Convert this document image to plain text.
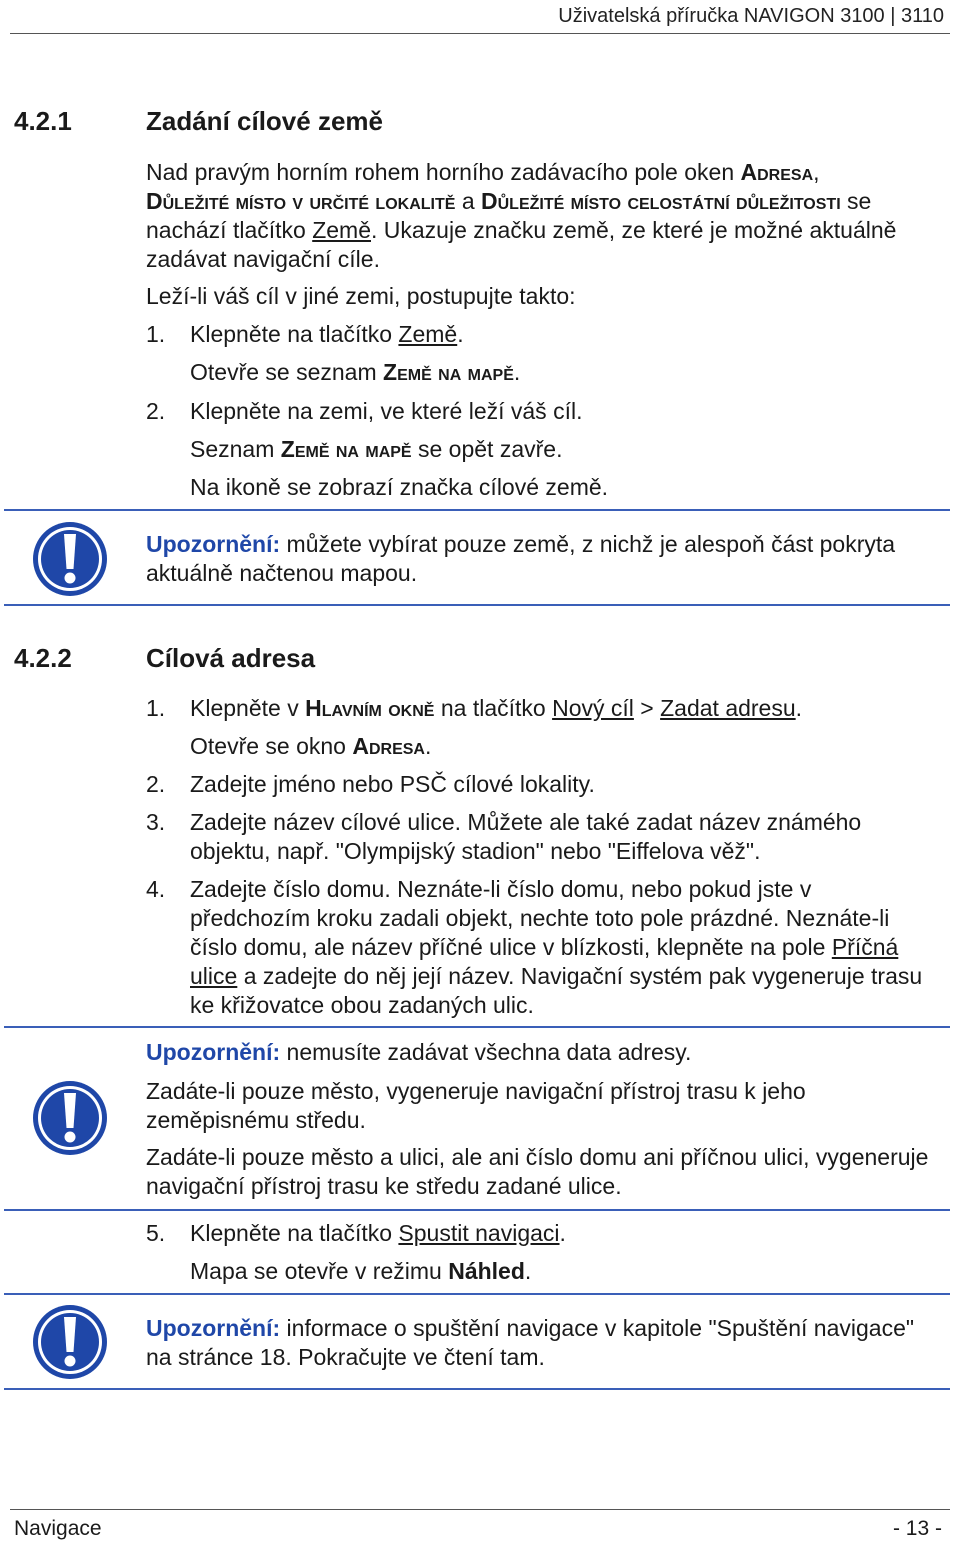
Uživatelská příručka NAVIGON 3100 | 3110
4.2.1	Zadání cílové země
Nad pravým horním rohem horního zadávacího pole oken Adresa,
Důležité místo v určité lokalitě a Důležité místo celostátní důležitosti se nachází tlačítko Země. Ukazuje značku země, ze které je možné aktuálně zadávat navigační cíle.
Leží-li váš cíl v jiné zemi, postupujte takto:
1. Klepněte na tlačítko Země.
Otevře se seznam Země na mapě.
2. Klepněte na zemi, ve které leží váš cíl.
Seznam Země na mapě se opět zavře.
Na ikoně se zobrazí značka cílové země.
Upozornění: můžete vybírat pouze země, z nichž je alespoň část pokryta aktuálně načtenou mapou.
4.2.2	Cílová adresa
1. Klepněte v Hlavním okně na tlačítko Nový cíl > Zadat adresu.
Otevře se okno Adresa.
2. Zadejte jméno nebo PSČ cílové lokality.
3. Zadejte název cílové ulice. Můžete ale také zadat název známého objektu, např. "Olympijský stadion" nebo "Eiffelova věž".
4. Zadejte číslo domu. Neznáte-li číslo domu, nebo pokud jste v předchozím kroku zadali objekt, nechte toto pole prázdné. Neznáte-li číslo domu, ale název příčné ulice v blízkosti, klepněte na pole Příčná ulice a zadejte do něj její název. Navigační systém pak vygeneruje trasu ke křižovatce obou zadaných ulic.
Upozornění: nemusíte zadávat všechna data adresy.
Zadáte-li pouze město, vygeneruje navigační přístroj trasu k jeho zeměpisnému středu.
Zadáte-li pouze město a ulici, ale ani číslo domu ani příčnou ulici, vygeneruje navigační přístroj trasu ke středu zadané ulice.
5. Klepněte na tlačítko Spustit navigaci.
Mapa se otevře v režimu Náhled.
Upozornění: informace o spuštění navigace v kapitole "Spuštění navigace" na stránce 18. Pokračujte ve čtení tam.
Navigace	- 13 -
